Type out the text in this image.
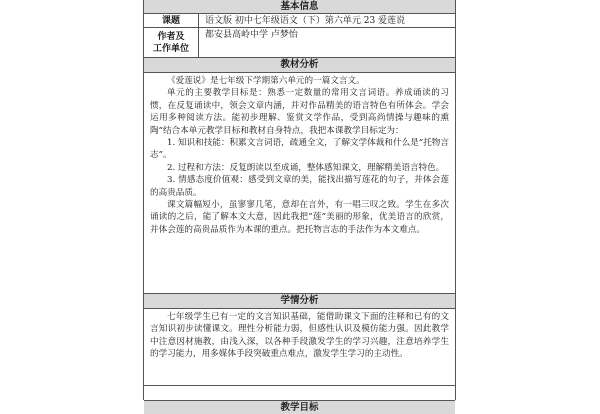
基本信息
课题	语文版 初中七年级语文（下）第六单元 23 爱莲说
作者及
工作单位
都安县高岭中学 卢梦怡
教材分析

《爱莲说》是七年级下学期第六单元的一篇文言文。

单元的主要教学目标是：熟悉一定数量的常用文言词语。养成诵读的习惯，在反复诵读中，领会文章内涵，并对作品精美的语言特色有所体会。学会运用多种阅读方法。能初步理解、鉴赏文学作品，受到高尚情操与趣味的熏陶”结合本单元教学目标和教材自身特点，我把本课教学目标定为：

1. 知识和技能：积累文言词语，疏通全文，了解文学体裁和什么是“托物言志”。

2. 过程和方法：反复朗读以至成诵，整体感知课文，理解精美语言特色。

3. 情感态度价值观：感受到文章的美，能找出描写莲花的句子，并体会莲的高贵品质。

课文篇幅短小，虽寥寥几笔，意却在言外，有一唱三叹之致。学生在多次诵读的之后，能了解本文大意，因此我把“莲”美丽的形象，优美语言的欣赏，并体会莲的高贵品质作为本课的重点。把托物言志的手法作为本文难点。

学情分析

七年级学生已有一定的文言知识基础，能借助课文下面的注释和已有的文言知识初步读懂课文。理性分析能力弱，但感性认识及模仿能力强。因此教学中注意因材施教，由浅入深，以各种手段激发学生的学习兴趣，注意培养学生的学习能力，用多媒体手段突破重点难点，激发学生学习的主动性。

教学目标
